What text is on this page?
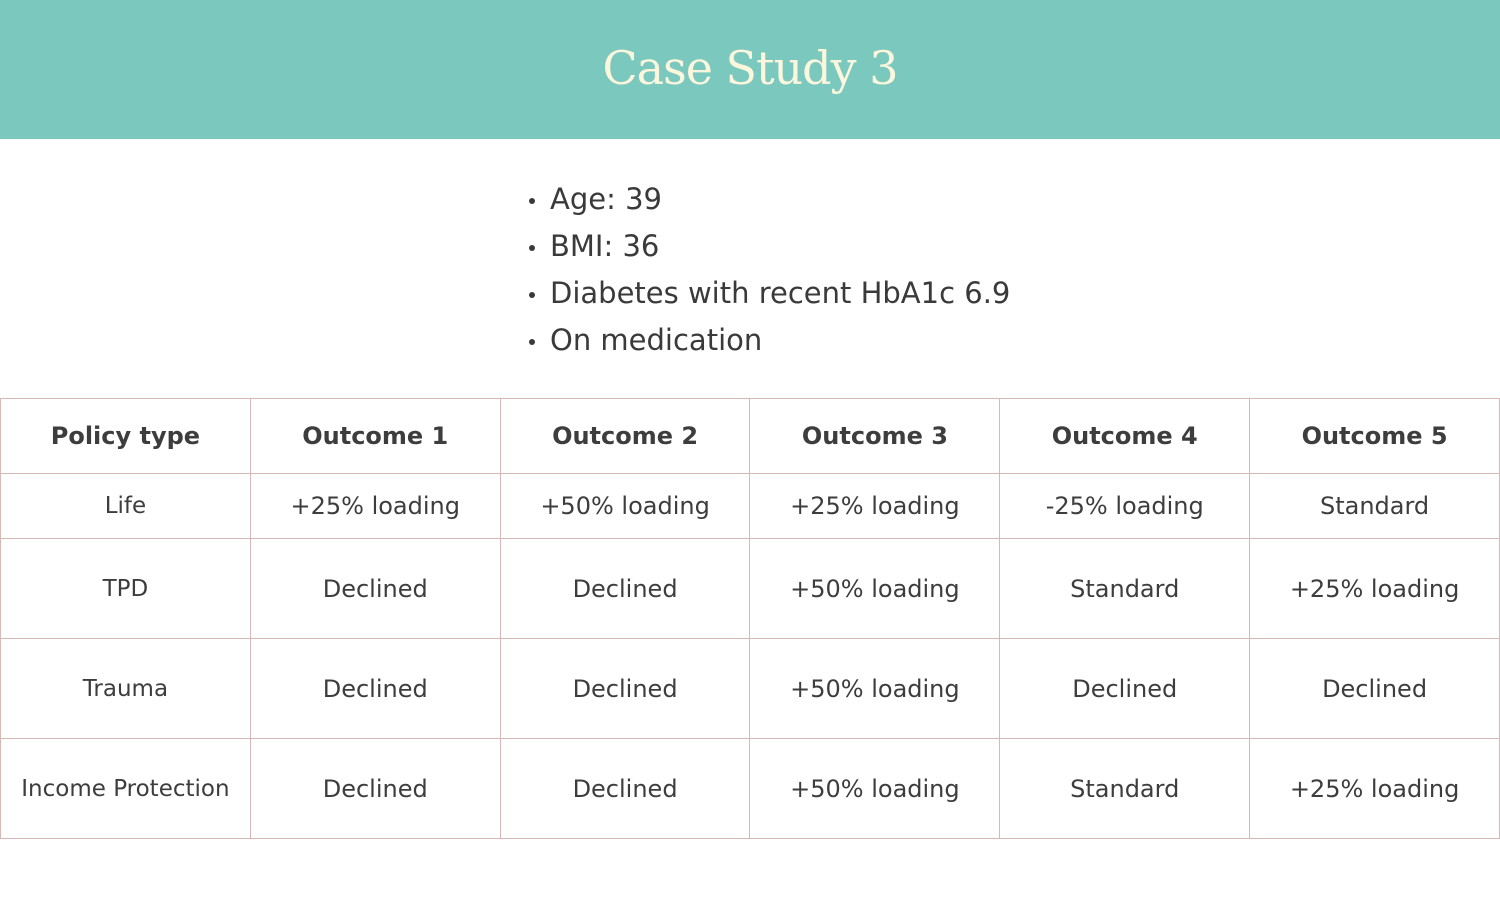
Case Study 3
Age: 39
BMI: 36
Diabetes with recent HbA1c 6.9
On medication
Policy type	Outcome 1	Outcome 2	Outcome 3	Outcome 4	Outcome 5
Life	+25% loading	+50% loading	+25% loading	-25% loading	Standard
TPD	Declined	Declined	+50% loading	Standard	+25% loading
Trauma	Declined	Declined	+50% loading	Declined	Declined
Income Protection	Declined	Declined	+50% loading	Standard	+25% loading
